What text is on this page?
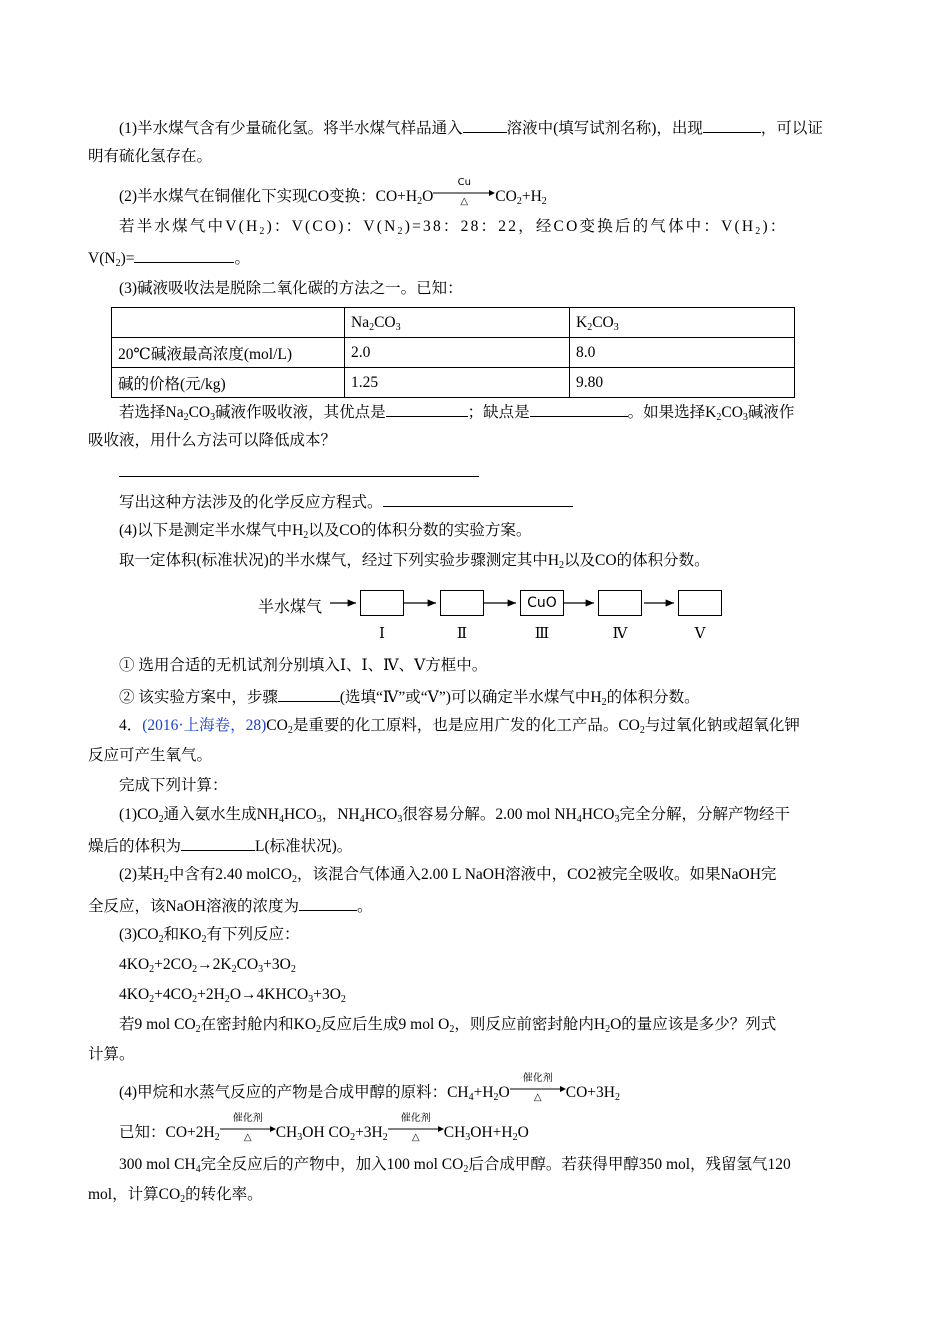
(1)半水煤气含有少量硫化氢。将半水煤气样品通入	溶液中(填写试剂名称)，出现	，可以证
明有硫化氢存在。
(2)半水煤气在铜催化下实现CO变换：$CO+H_2O$
Cu
△	$CO_2+H_2$
若半水煤气中$V(H_2)$：V(CO)：$V(N_2)=38$：28：22，经CO变换后的气体中：$V(H_2)$：
$V(N_2)=$	。
(3)碱液吸收法是脱除二氧化碳的方法之一。已知：
	$Na_2CO_3$	$K_2CO_3$
20℃碱液最高浓度(mol/L)	2.0	8.0
碱的价格(元/kg)	1.25	9.80
若选择$Na_2CO_3$碱液作吸收液，其优点是	；缺点是	。如果选择$K_2CO_3$碱液作
吸收液，用什么方法可以降低成本？
写出这种方法涉及的化学反应方程式。
(4)以下是测定半水煤气中$H_2$以及CO的体积分数的实验方案。
取一定体积(标准状况)的半水煤气，经过下列实验步骤测定其中$H_2$以及CO的体积分数。
半水煤气	CuO
Ⅰ	Ⅱ	Ⅲ	Ⅳ	Ⅴ
① 选用合适的无机试剂分别填入Ⅰ、Ⅰ、Ⅳ、Ⅴ方框中。
② 该实验方案中，步骤	(选填“Ⅳ”或“Ⅴ”)可以确定半水煤气中$H_2$的体积分数。
4．(2016·上海卷，$28)CO_2$是重要的化工原料，也是应用广发的化工产品。$CO_2$与过氧化钠或超氧化钾
反应可产生氧气。
完成下列计算：
$(1)CO_2$通入氨水生成$NH_4HCO_3$，$NH_4HCO_3$很容易分解。2.00 mol $NH_4HCO_3$完全分解，分解产物经干
燥后的体积为	L(标准状况)。
(2)某$H_2$中含有2.40 molCO$_2$，该混合气体通入2.00 L NaOH溶液中，CO2被完全吸收。如果NaOH完
全反应，该NaOH溶液的浓度为	。
$(3)CO_2$和$KO_2$有下列反应：
$4KO_2+2CO_2\to 2K_2CO_3+3O_2$
$4KO_2+4CO_2+2H_2O\to 4KHCO_3+3O_2$
若9 mol $CO_2$在密封舱内和$KO_2$反应后生成9 mol $O_2$，则反应前密封舱内$H_2O$的量应该是多少？列式
计算。
(4)甲烷和水蒸气反应的产物是合成甲醇的原料：$CH_4+H_2O$
催化剂
△	$CO+3H_2$
已知：$CO+2H_2$
催化剂
△	$CH_3OH$ $CO_2+3H_2$
催化剂
△	$CH_3OH+H_2O$
300 mol $CH_4$完全反应后的产物中，加入100 mol $CO_2$后合成甲醇。若获得甲醇350 mol，残留氢气120
mol，计算$CO_2$的转化率。
